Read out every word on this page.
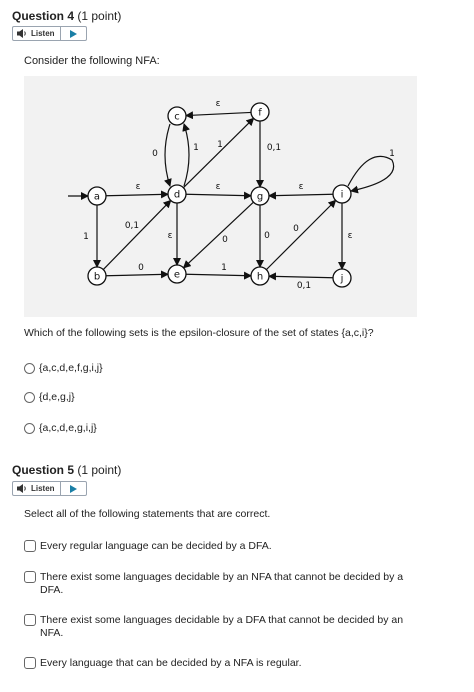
Question 4 (1 point)
Listen
Consider the following NFA:
a
b
c
d
e
f
g
h
i
j
ε
0
1 1	0,1
1
ε	ε	ε
1
0,1
ε	0	0
0
ε
0	1
0,1
Which of the following sets is the epsilon-closure of the set of states {a,c,i}?
{a,c,d,e,f,g,i,j}
{d,e,g,j}
{a,c,d,e,g,i,j}
Question 5 (1 point)
Listen
Select all of the following statements that are correct.
Every regular language can be decided by a DFA.
There exist some languages decidable by an NFA that cannot be decided by a
DFA.
There exist some languages decidable by a DFA that cannot be decided by an
NFA.
Every language that can be decided by a NFA is regular.
